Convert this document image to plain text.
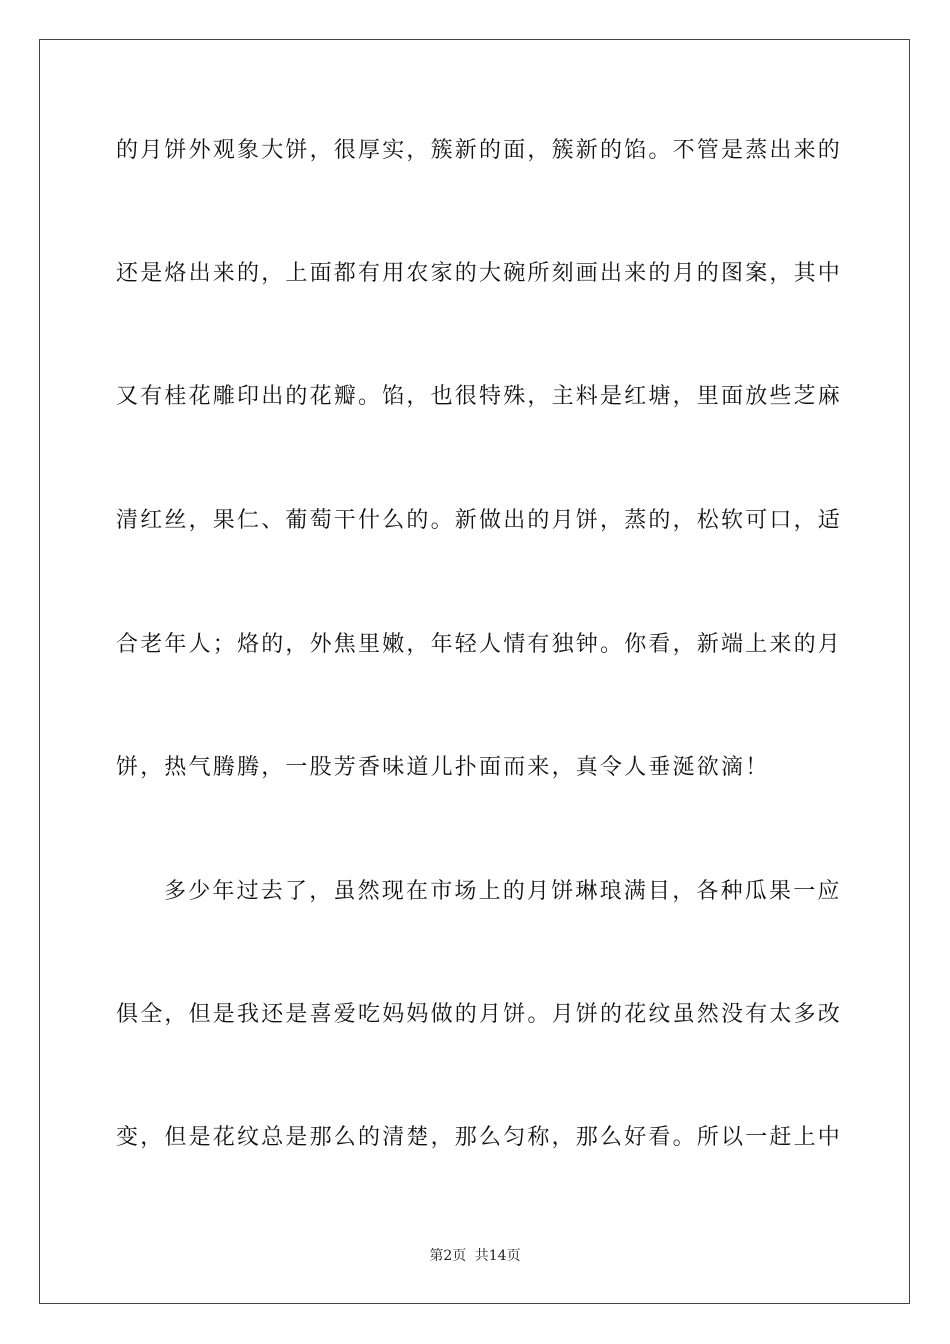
的月饼外观象大饼，很厚实，簇新的面，簇新的馅。不管是蒸出来的
还是烙出来的，上面都有用农家的大碗所刻画出来的月的图案，其中
又有桂花雕印出的花瓣。馅，也很特殊，主料是红塘，里面放些芝麻
清红丝，果仁、葡萄干什么的。新做出的月饼，蒸的，松软可口，适
合老年人；烙的，外焦里嫩，年轻人情有独钟。你看，新端上来的月
饼，热气腾腾，一股芳香味道儿扑面而来，真令人垂涎欲滴！
多少年过去了，虽然现在市场上的月饼琳琅满目，各种瓜果一应
俱全，但是我还是喜爱吃妈妈做的月饼。月饼的花纹虽然没有太多改
变，但是花纹总是那么的清楚，那么匀称，那么好看。所以一赶上中
第2页 共14页
